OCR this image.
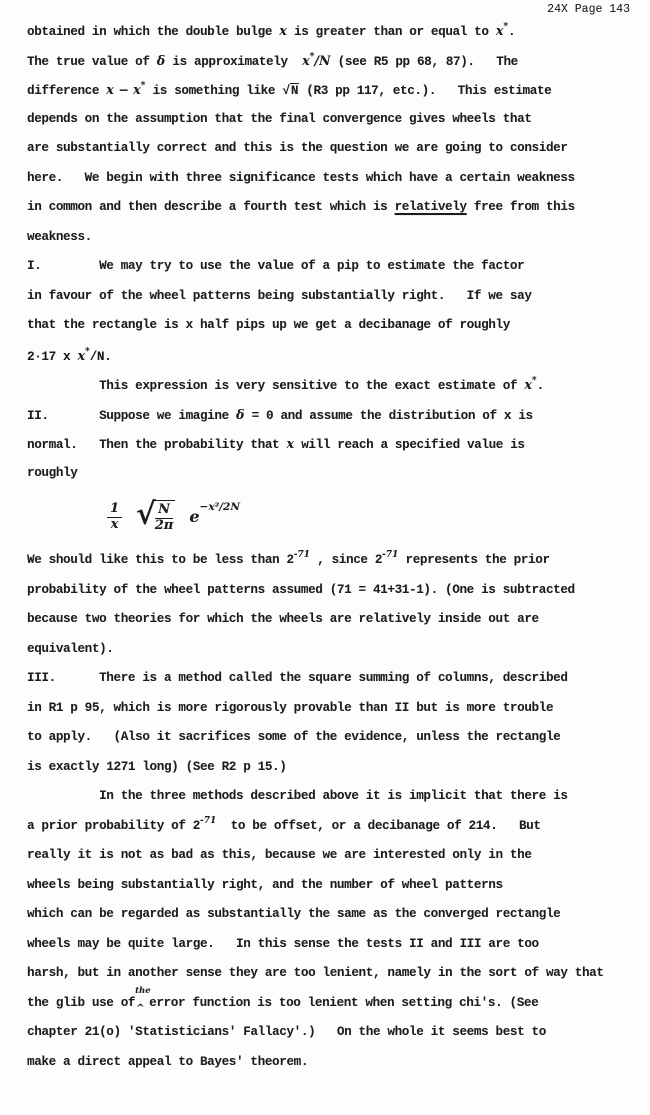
24X Page 143
obtained in which the double bulge x is greater than or equal to x*.
The true value of δ is approximately  x*/N (see R5 pp 68, 87).   The
difference x − x* is something like √N (R3 pp 117, etc.).   This estimate
depends on the assumption that the final convergence gives wheels that
are substantially correct and this is the question we are going to consider
here.   We begin with three significance tests which have a certain weakness
in common and then describe a fourth test which is relatively free from this
weakness.
I.        We may try to use the value of a pip to estimate the factor
in favour of the wheel patterns being substantially right.   If we say
that the rectangle is x half pips up we get a decibanage of roughly
2·17 x x*/N.
This expression is very sensitive to the exact estimate of x*.
II.       Suppose we imagine δ = 0 and assume the distribution of x is
normal.   Then the probability that x will reach a specified value is
roughly
$\frac{1}{x}$ √
$\frac{N}{2\pi}$ e −x²/2N
We should like this to be less than $2^{-71}$ , since $2^{-71}$ represents the prior
probability of the wheel patterns assumed (71 = 41+31-1). (One is subtracted
because two theories for which the wheels are relatively inside out are
equivalent).
III.      There is a method called the square summing of columns, described
in R1 p 95, which is more rigorously provable than II but is more trouble
to apply.   (Also it sacrifices some of the evidence, unless the rectangle
is exactly 1271 long) (See R2 p 15.)
In the three methods described above it is implicit that there is
a prior probability of $2^{-71}$  to be offset, or a decibanage of 214.   But
really it is not as bad as this, because we are interested only in the
wheels being substantially right, and the number of wheel patterns
which can be regarded as substantially the same as the converged rectangle
wheels may be quite large.   In this sense the tests II and III are too
harsh, but in another sense they are too lenient, namely in the sort of way that
the glib use of
the
$_{\^{}}$ error function is too lenient when setting chi's. (See
chapter 21(o) 'Statisticians' Fallacy'.)   On the whole it seems best to
make a direct appeal to Bayes' theorem.
